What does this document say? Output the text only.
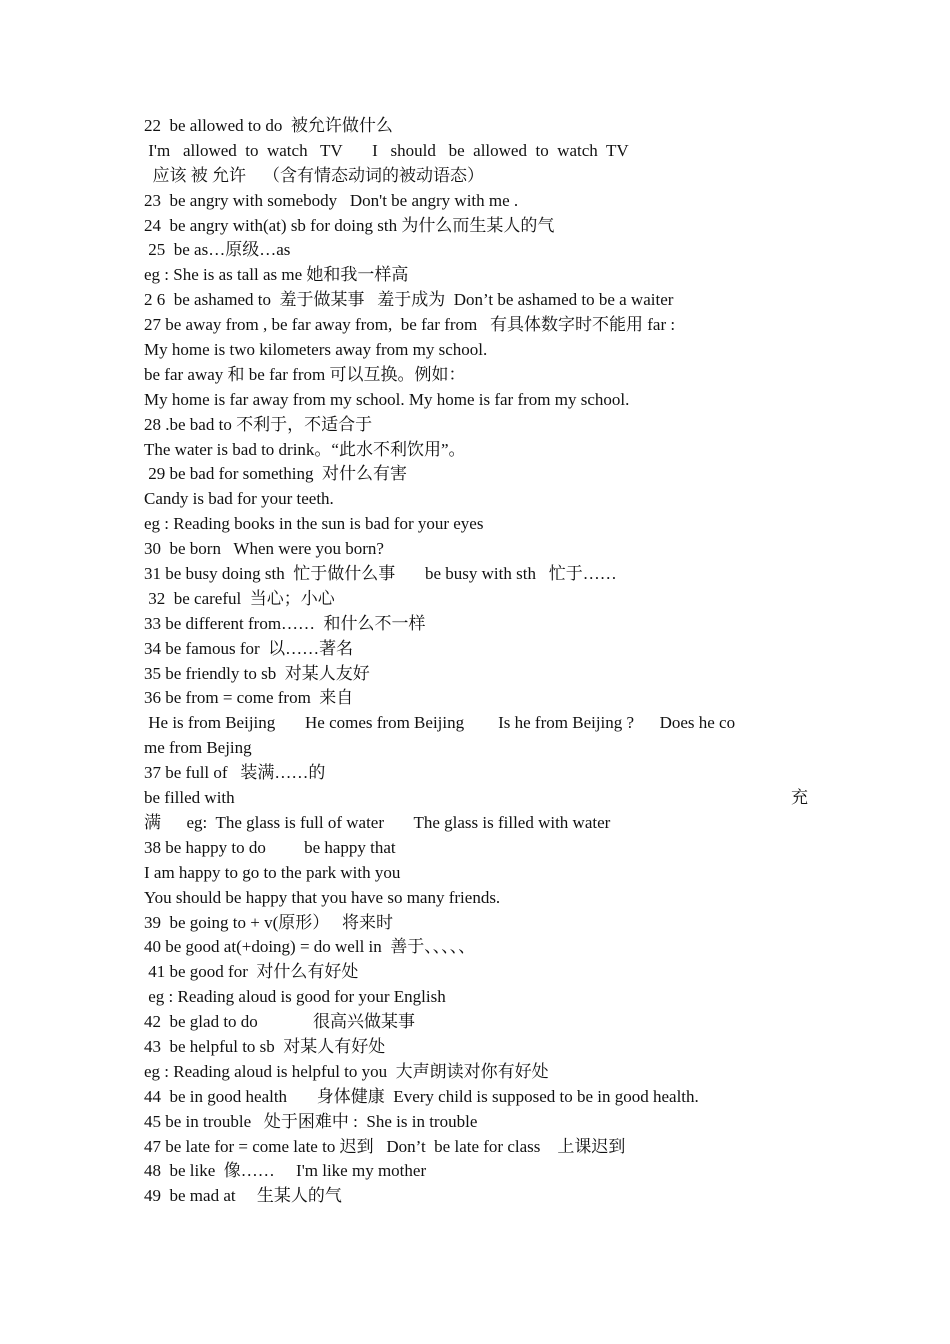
22  be allowed to do  被允许做什么
I'm   allowed  to  watch   TV       I   should   be  allowed  to  watch  TV
应该 被 允许    （含有情态动词的被动语态）
23  be angry with somebody   Don't be angry with me .
24  be angry with(at) sb for doing sth 为什么而生某人的气
25  be as…原级…as
eg : She is as tall as me 她和我一样高
2 6  be ashamed to  羞于做某事   羞于成为  Don’t be ashamed to be a waiter
27 be away from , be far away from,  be far from   有具体数字时不能用 far :
My home is two kilometers away from my school.
be far away 和 be far from 可以互换。例如：
My home is far away from my school. My home is far from my school.
28 .be bad to 不利于，不适合于
The water is bad to drink。“此水不利饮用”。
29 be bad for something  对什么有害
Candy is bad for your teeth.
eg : Reading books in the sun is bad for your eyes
30  be born   When were you born?
31 be busy doing sth  忙于做什么事       be busy with sth   忙于……
32  be careful  当心；小心
33 be different from……  和什么不一样
34 be famous for  以……著名
35 be friendly to sb  对某人友好
36 be from = come from  来自
He is from Beijing       He comes from Beijing        Is he from Beijing ?      Does he co
me from Bejing
37 be full of   装满……的
be filled with	充
满      eg:  The glass is full of water       The glass is filled with water
38 be happy to do         be happy that
I am happy to go to the park with you
You should be happy that you have so many friends.
39  be going to + v(原形）   将来时
40 be good at(+doing) = do well in  善于、、、、、
41 be good for  对什么有好处
eg : Reading aloud is good for your English
42  be glad to do             很高兴做某事
43  be helpful to sb  对某人有好处
eg : Reading aloud is helpful to you  大声朗读对你有好处
44  be in good health       身体健康  Every child is supposed to be in good health.
45 be in trouble   处于困难中 :  She is in trouble
47 be late for = come late to 迟到   Don’t  be late for class    上课迟到
48  be like  像……     I'm like my mother
49  be mad at     生某人的气
